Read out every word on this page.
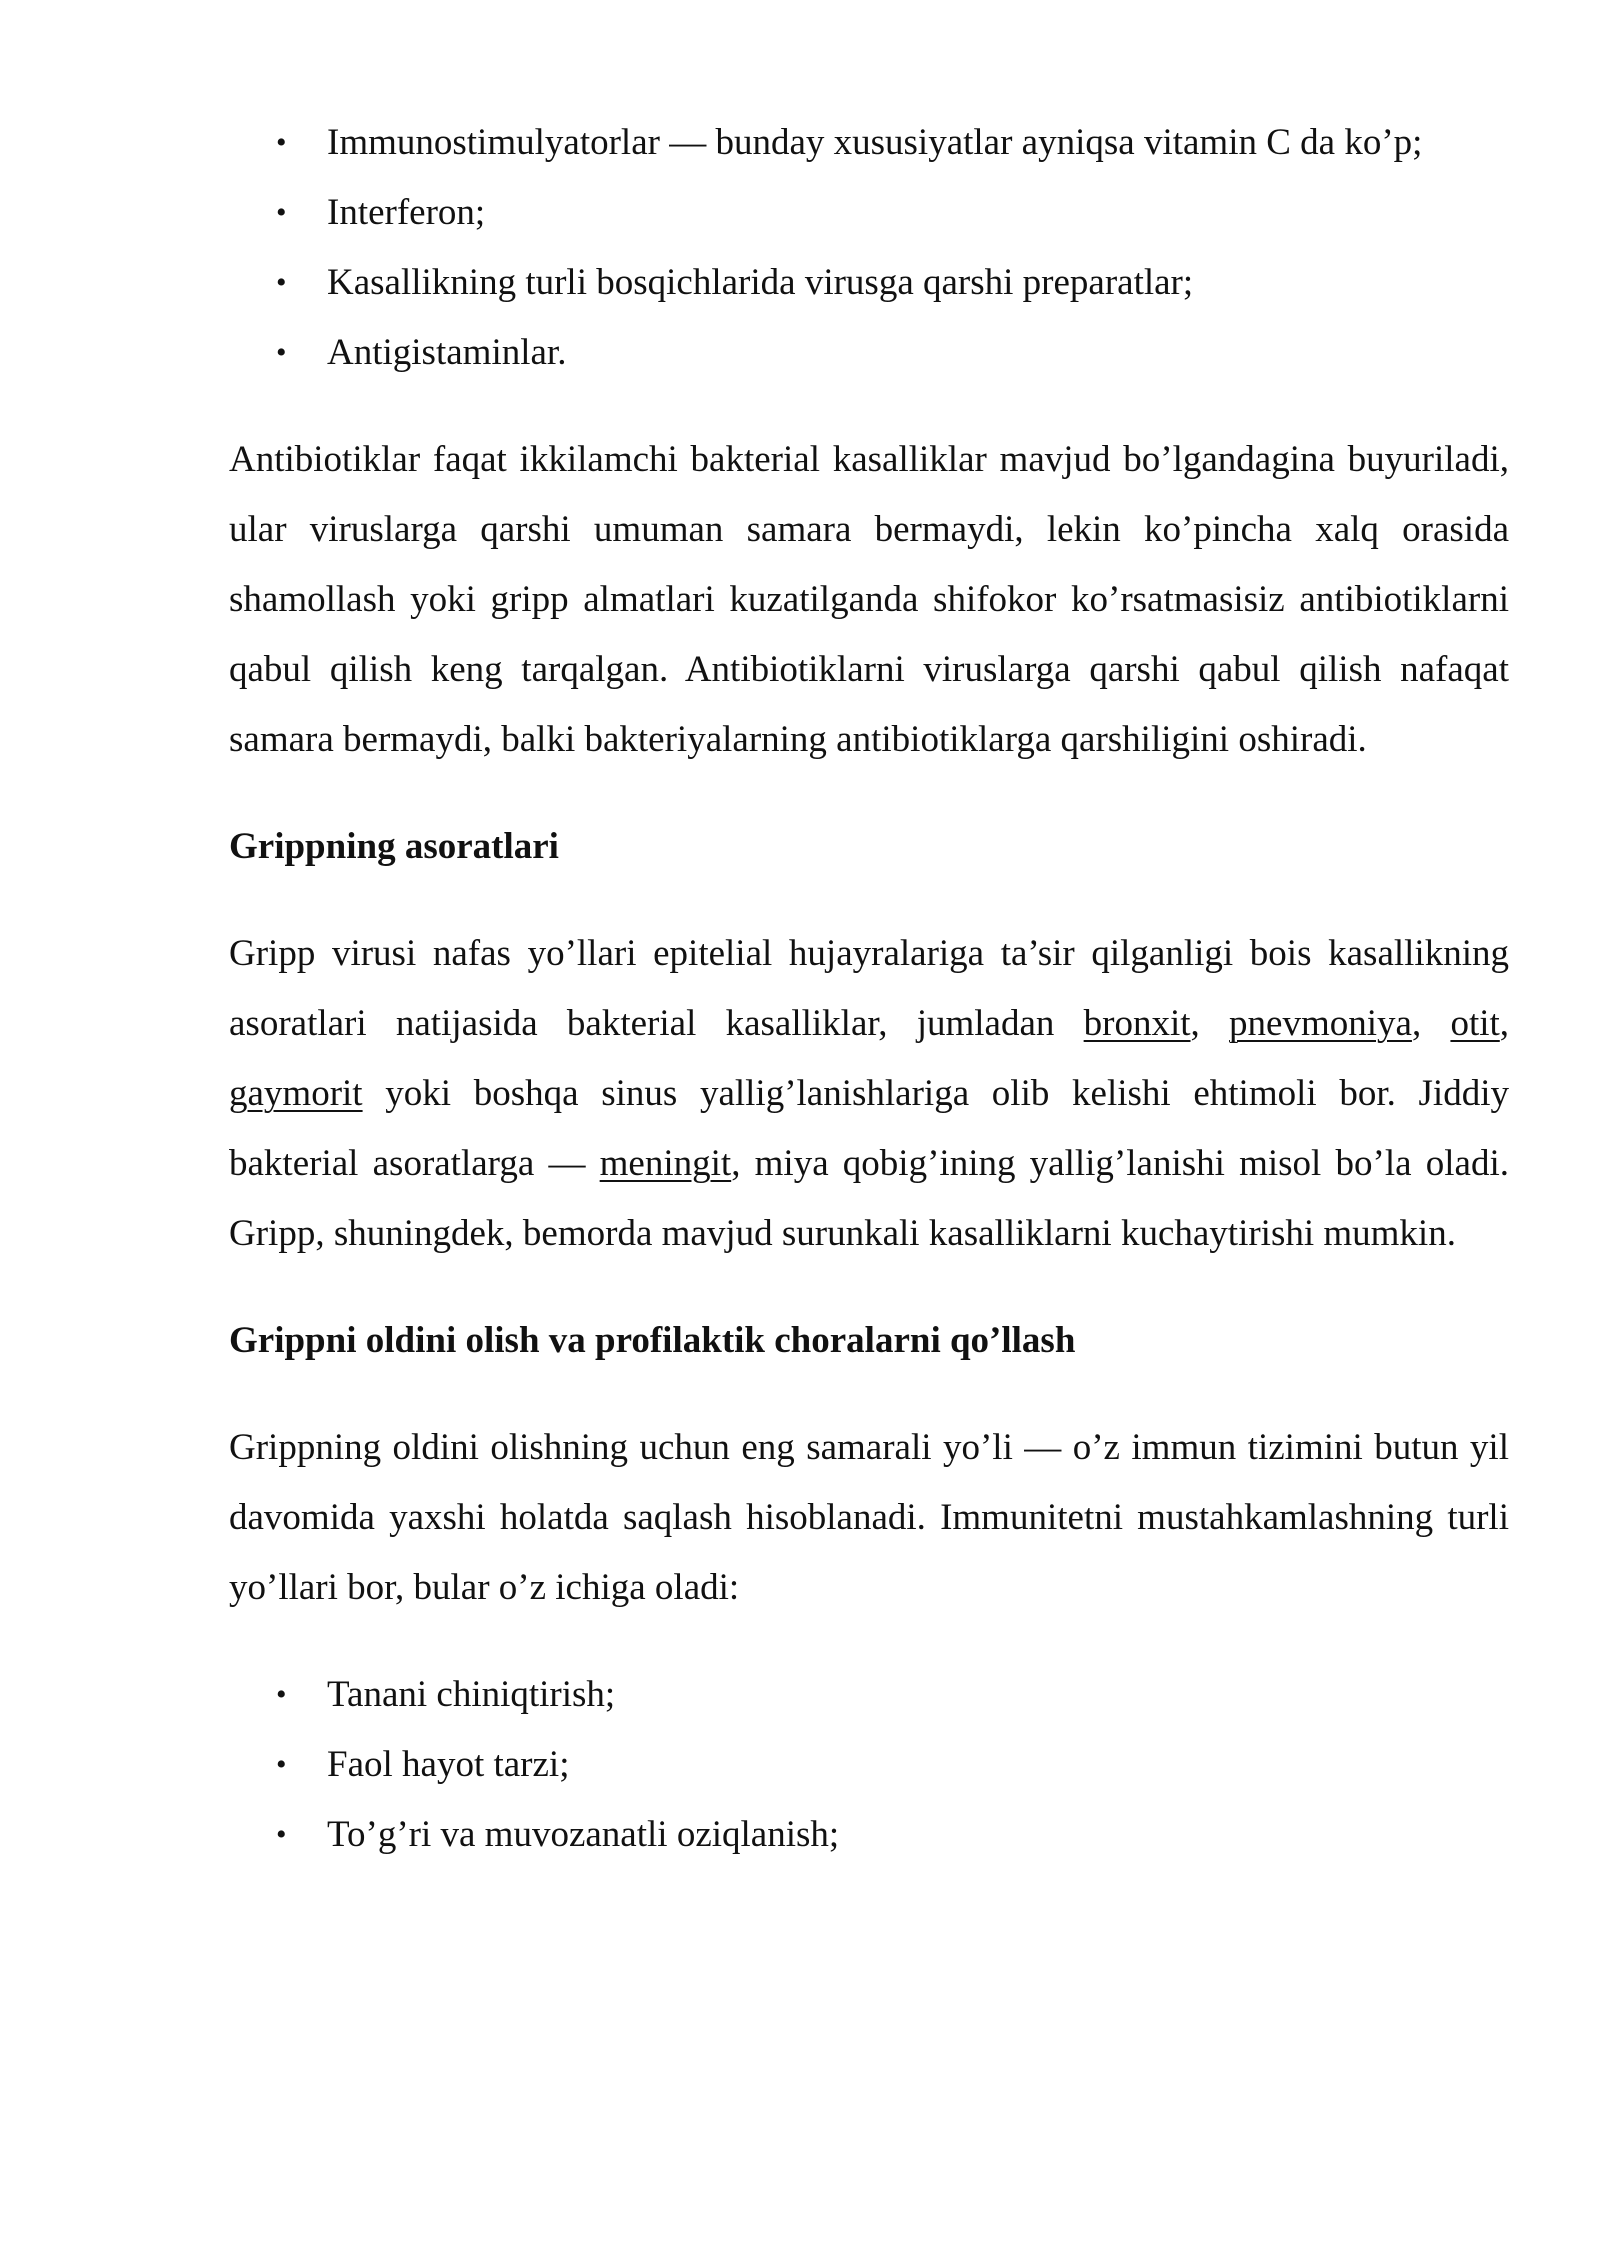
• Immunostimulyatorlar — bunday xususiyatlar ayniqsa vitamin C da ko’p;
• Interferon;
• Kasallikning turli bosqichlarida virusga qarshi preparatlar;
• Antigistaminlar.

Antibiotiklar faqat ikkilamchi bakterial kasalliklar mavjud bo’lgandagina buyuriladi, ular viruslarga qarshi umuman samara bermaydi, lekin ko’pincha xalq orasida shamollash yoki gripp almatlari kuzatilganda shifokor ko’rsatmasisiz antibiotiklarni qabul qilish keng tarqalgan. Antibiotiklarni viruslarga qarshi qabul qilish nafaqat samara bermaydi, balki bakteriyalarning antibiotiklarga qarshiligini oshiradi.

Grippning asoratlari

Gripp virusi nafas yo’llari epitelial hujayralariga ta’sir qilganligi bois kasallikning asoratlari natijasida bakterial kasalliklar, jumladan bronxit, pnevmoniya, otit, gaymorit yoki boshqa sinus yallig’lanishlariga olib kelishi ehtimoli bor. Jiddiy bakterial asoratlarga — meningit, miya qobig’ining yallig’lanishi misol bo’la oladi. Gripp, shuningdek, bemorda mavjud surunkali kasalliklarni kuchaytirishi mumkin.

Grippni oldini olish va profilaktik choralarni qo’llash

Grippning oldini olishning uchun eng samarali yo’li — o’z immun tizimini butun yil davomida yaxshi holatda saqlash hisoblanadi. Immunitetni mustahkamlashning turli yo’llari bor, bular o’z ichiga oladi:

• Tanani chiniqtirish;
• Faol hayot tarzi;
• To’g’ri va muvozanatli oziqlanish;
